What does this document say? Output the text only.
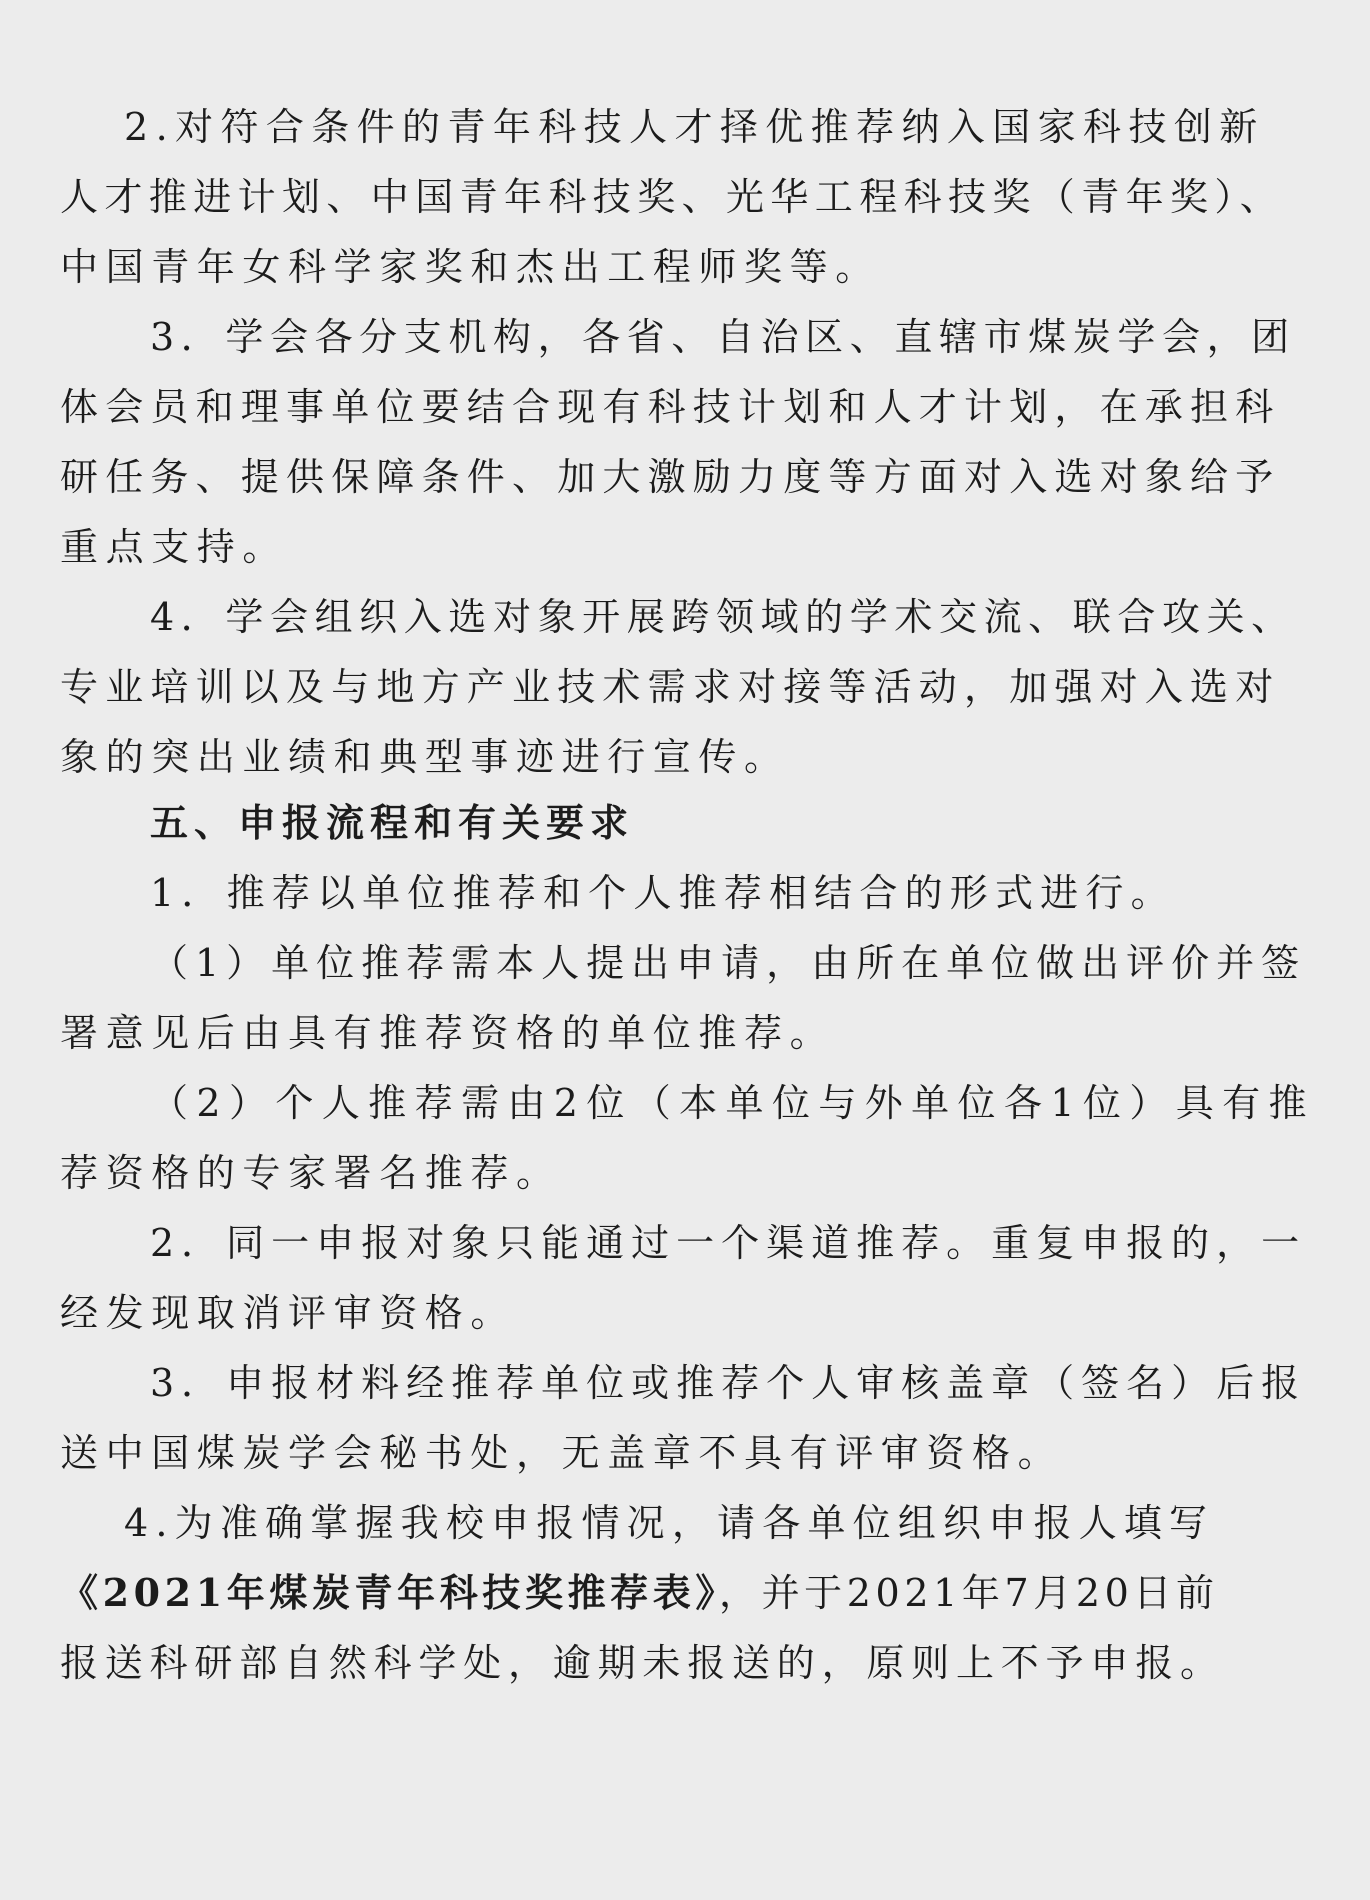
2.对符合条件的青年科技人才择优推荐纳入国家科技创新
人才推进计划、中国青年科技奖、光华工程科技奖（青年奖）、
中国青年女科学家奖和杰出工程师奖等。
3．学会各分支机构，各省、自治区、直辖市煤炭学会，团
体会员和理事单位要结合现有科技计划和人才计划，在承担科
研任务、提供保障条件、加大激励力度等方面对入选对象给予
重点支持。
4．学会组织入选对象开展跨领域的学术交流、联合攻关、
专业培训以及与地方产业技术需求对接等活动，加强对入选对
象的突出业绩和典型事迹进行宣传。
五、申报流程和有关要求
1．推荐以单位推荐和个人推荐相结合的形式进行。
（1）单位推荐需本人提出申请，由所在单位做出评价并签
署意见后由具有推荐资格的单位推荐。
（2）个人推荐需由2位（本单位与外单位各1位）具有推
荐资格的专家署名推荐。
2．同一申报对象只能通过一个渠道推荐。重复申报的，一
经发现取消评审资格。
3．申报材料经推荐单位或推荐个人审核盖章（签名）后报
送中国煤炭学会秘书处，无盖章不具有评审资格。
4.为准确掌握我校申报情况，请各单位组织申报人填写
《2021年煤炭青年科技奖推荐表》，并于2021年7月20日前
报送科研部自然科学处，逾期未报送的，原则上不予申报。
